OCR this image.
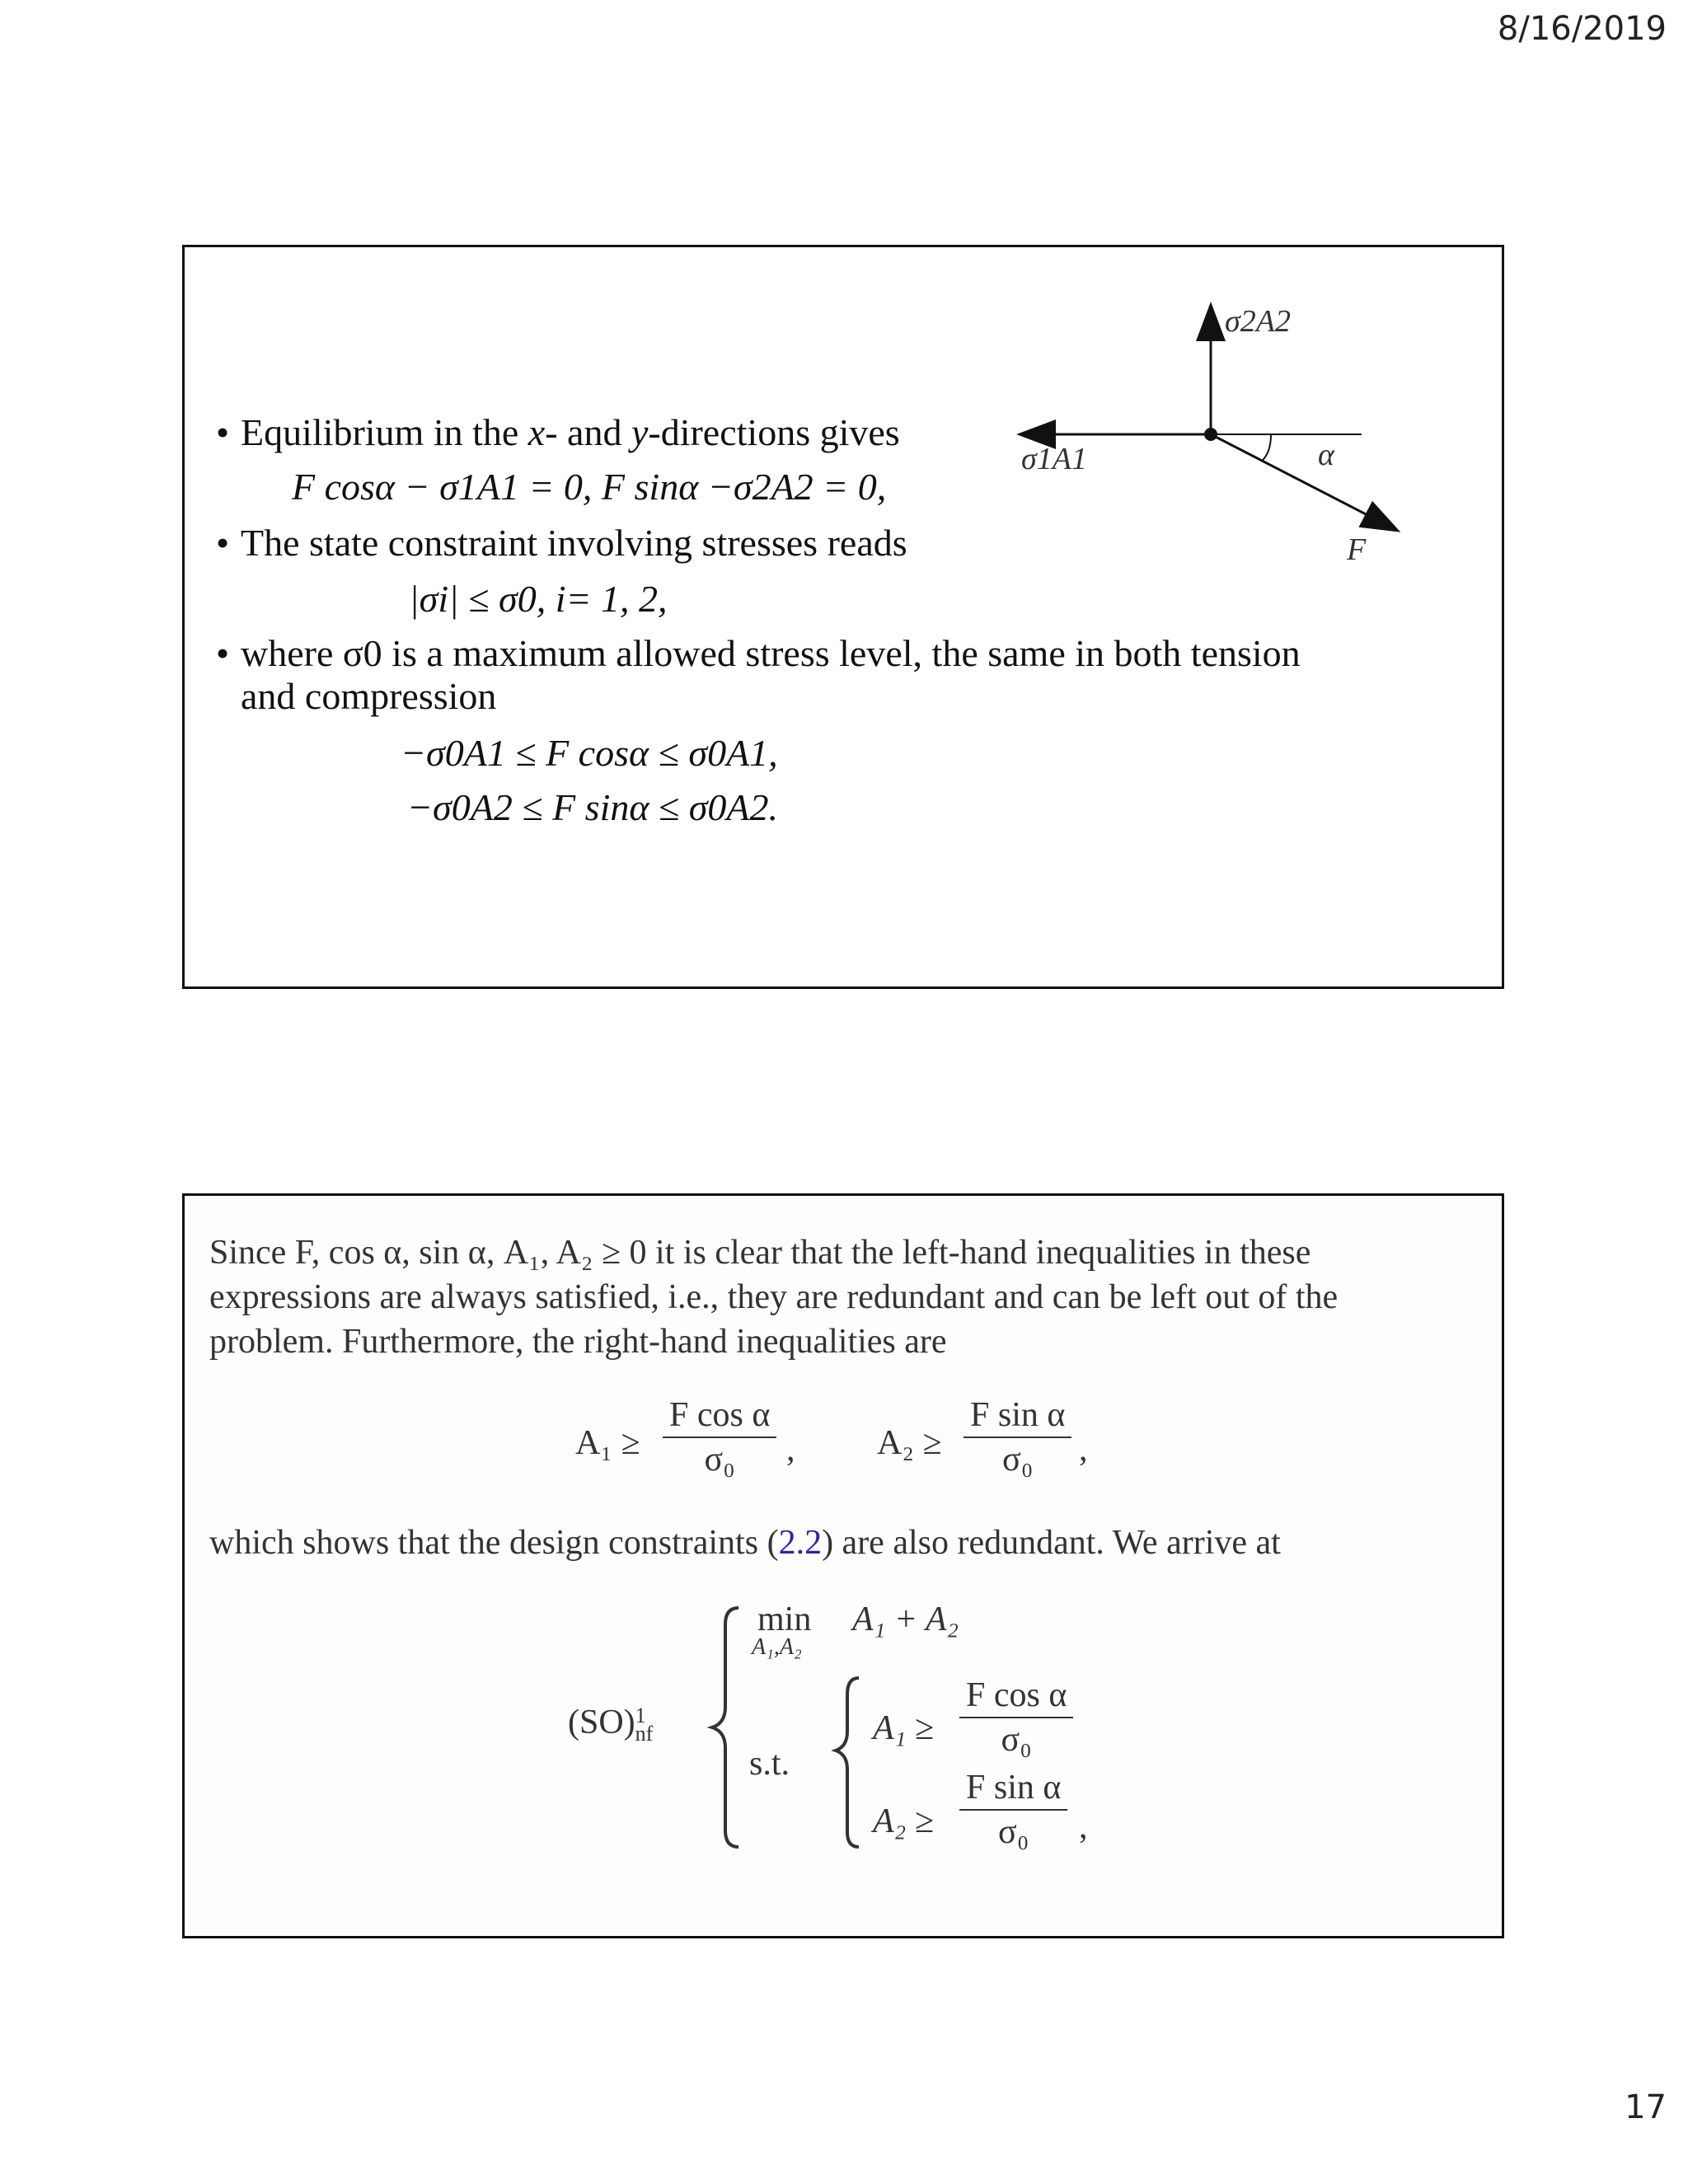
8/16/2019
σ2A2
σ1A1	α
F
• Equilibrium in the x- and y-directions gives
F cosα − σ1A1 = 0, F sinα −σ2A2 = 0,
• The state constraint involving stresses reads
|σi| ≤ σ0, i= 1, 2,
• where σ0 is a maximum allowed stress level, the same in both tension
and compression
−σ0A1 ≤ F cosα ≤ σ0A1,
−σ0A2 ≤ F sinα ≤ σ0A2.
Since F, cos α, sin α, A₁, A₂ ≥ 0 it is clear that the left-hand inequalities in these
expressions are always satisfied, i.e., they are redundant and can be left out of the
problem. Furthermore, the right-hand inequalities are
$A_1 \ge \frac{\text{F cos α}}{\text{σ₀}}$ , $A_2 \ge \frac{\text{F sin α}}{\text{σ₀}}$ ,
which shows that the design constraints (2.2) are also redundant. We arrive at
(SO) 1
nf
min
A₁,A₂
A₁ + A₂
s.t.
$A_1 \ge \frac{\text{F cos α}}{\text{σ₀}}$
$A_2 \ge \frac{\text{F sin α}}{\text{σ₀}}$ ,
17
